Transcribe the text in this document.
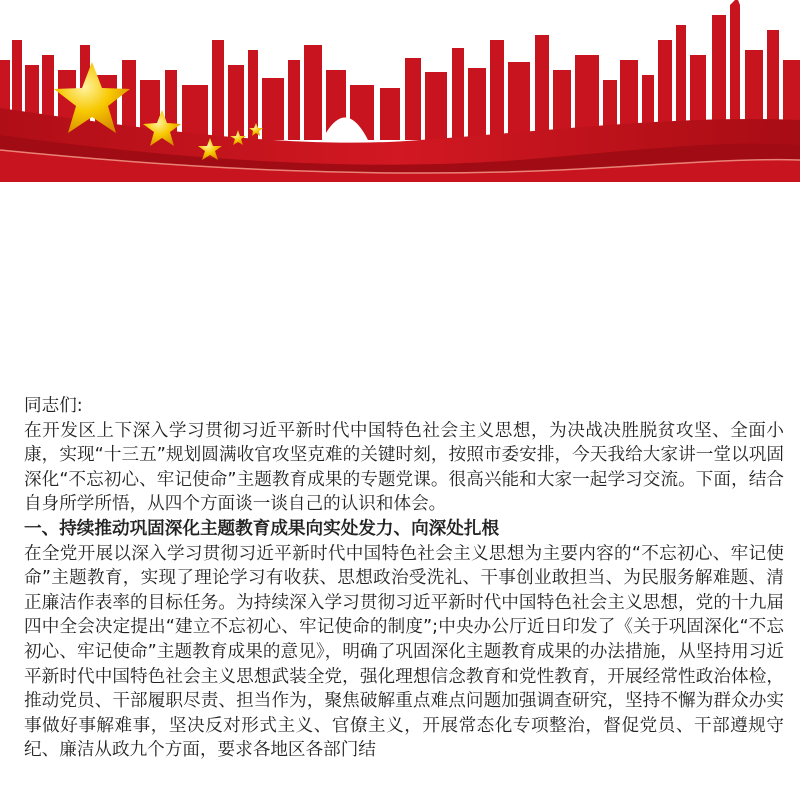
同志们:

在开发区上下深入学习贯彻习近平新时代中国特色社会主义思想，为决战决胜脱贫攻坚、全面小康，实现“十三五”规划圆满收官攻坚克难的关键时刻，按照市委安排，今天我给大家讲一堂以巩固深化“不忘初心、牢记使命”主题教育成果的专题党课。很高兴能和大家一起学习交流。下面，结合自身所学所悟，从四个方面谈一谈自己的认识和体会。

一、持续推动巩固深化主题教育成果向实处发力、向深处扎根

在全党开展以深入学习贯彻习近平新时代中国特色社会主义思想为主要内容的“不忘初心、牢记使命”主题教育，实现了理论学习有收获、思想政治受洗礼、干事创业敢担当、为民服务解难题、清正廉洁作表率的目标任务。为持续深入学习贯彻习近平新时代中国特色社会主义思想，党的十九届四中全会决定提出“建立不忘初心、牢记使命的制度”;中央办公厅近日印发了《关于巩固深化“不忘初心、牢记使命”主题教育成果的意见》，明确了巩固深化主题教育成果的办法措施，从坚持用习近平新时代中国特色社会主义思想武装全党，强化理想信念教育和党性教育，开展经常性政治体检，推动党员、干部履职尽责、担当作为，聚焦破解重点难点问题加强调查研究，坚持不懈为群众办实事做好事解难事，坚决反对形式主义、官僚主义，开展常态化专项整治，督促党员、干部遵规守纪、廉洁从政九个方面，要求各地区各部门结
